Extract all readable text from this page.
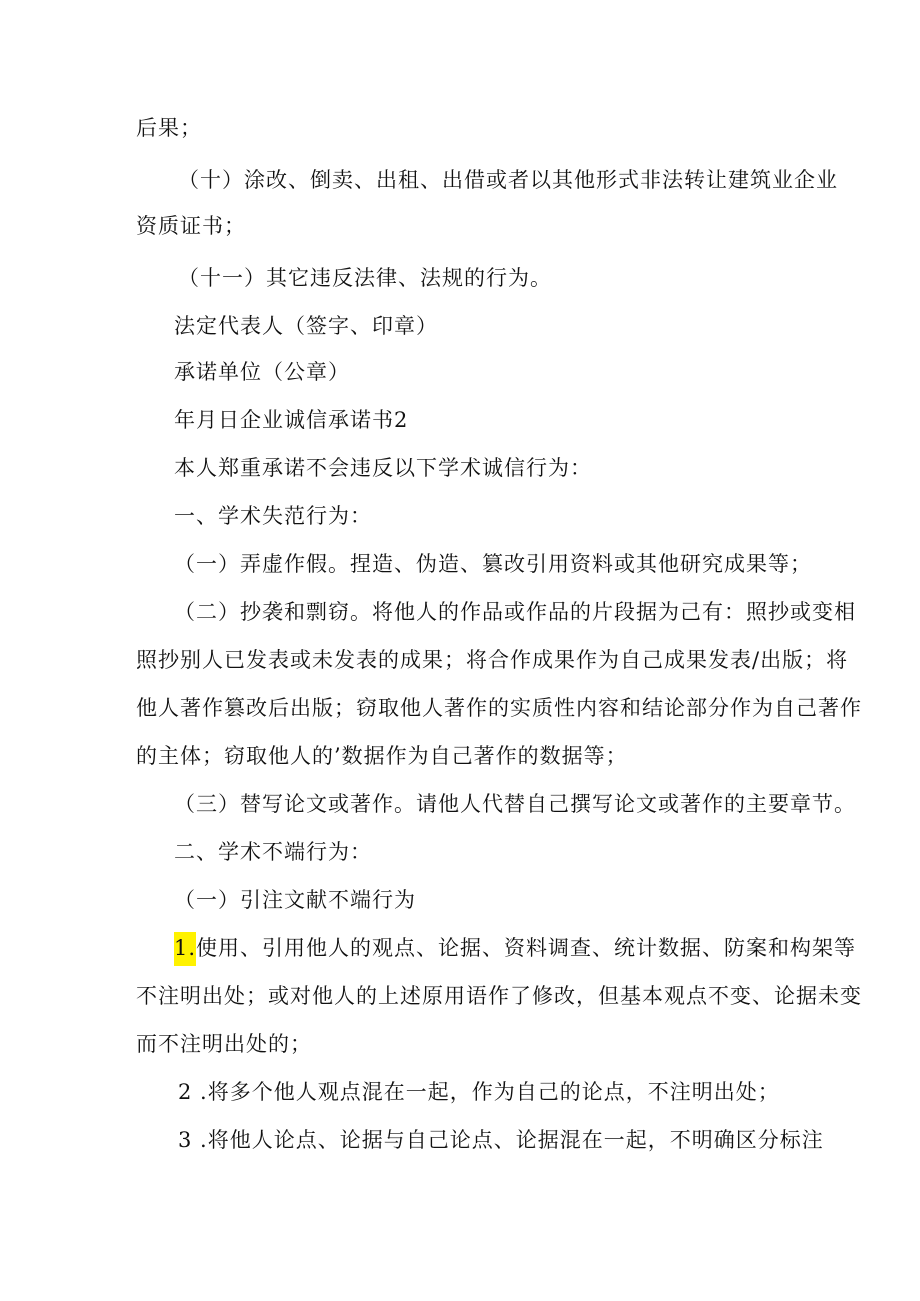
后果；
（十）涂改、倒卖、出租、出借或者以其他形式非法转让建筑业企业
资质证书；
（十一）其它违反法律、法规的行为。
法定代表人（签字、印章）
承诺单位（公章）
年月日企业诚信承诺书2
本人郑重承诺不会违反以下学术诚信行为：
一、学术失范行为：
（一）弄虚作假。捏造、伪造、篡改引用资料或其他研究成果等；
（二）抄袭和剽窃。将他人的作品或作品的片段据为己有：照抄或变相
照抄别人已发表或未发表的成果；将合作成果作为自己成果发表/出版；将
他人著作篡改后出版；窃取他人著作的实质性内容和结论部分作为自己著作
的主体；窃取他人的’数据作为自己著作的数据等；
（三）替写论文或著作。请他人代替自己撰写论文或著作的主要章节。
二、学术不端行为：
（一）引注文献不端行为
1.使用、引用他人的观点、论据、资料调查、统计数据、防案和构架等
不注明出处；或对他人的上述原用语作了修改，但基本观点不变、论据未变
而不注明出处的；
2 .将多个他人观点混在一起，作为自己的论点，不注明出处；
3 .将他人论点、论据与自己论点、论据混在一起，不明确区分标注
